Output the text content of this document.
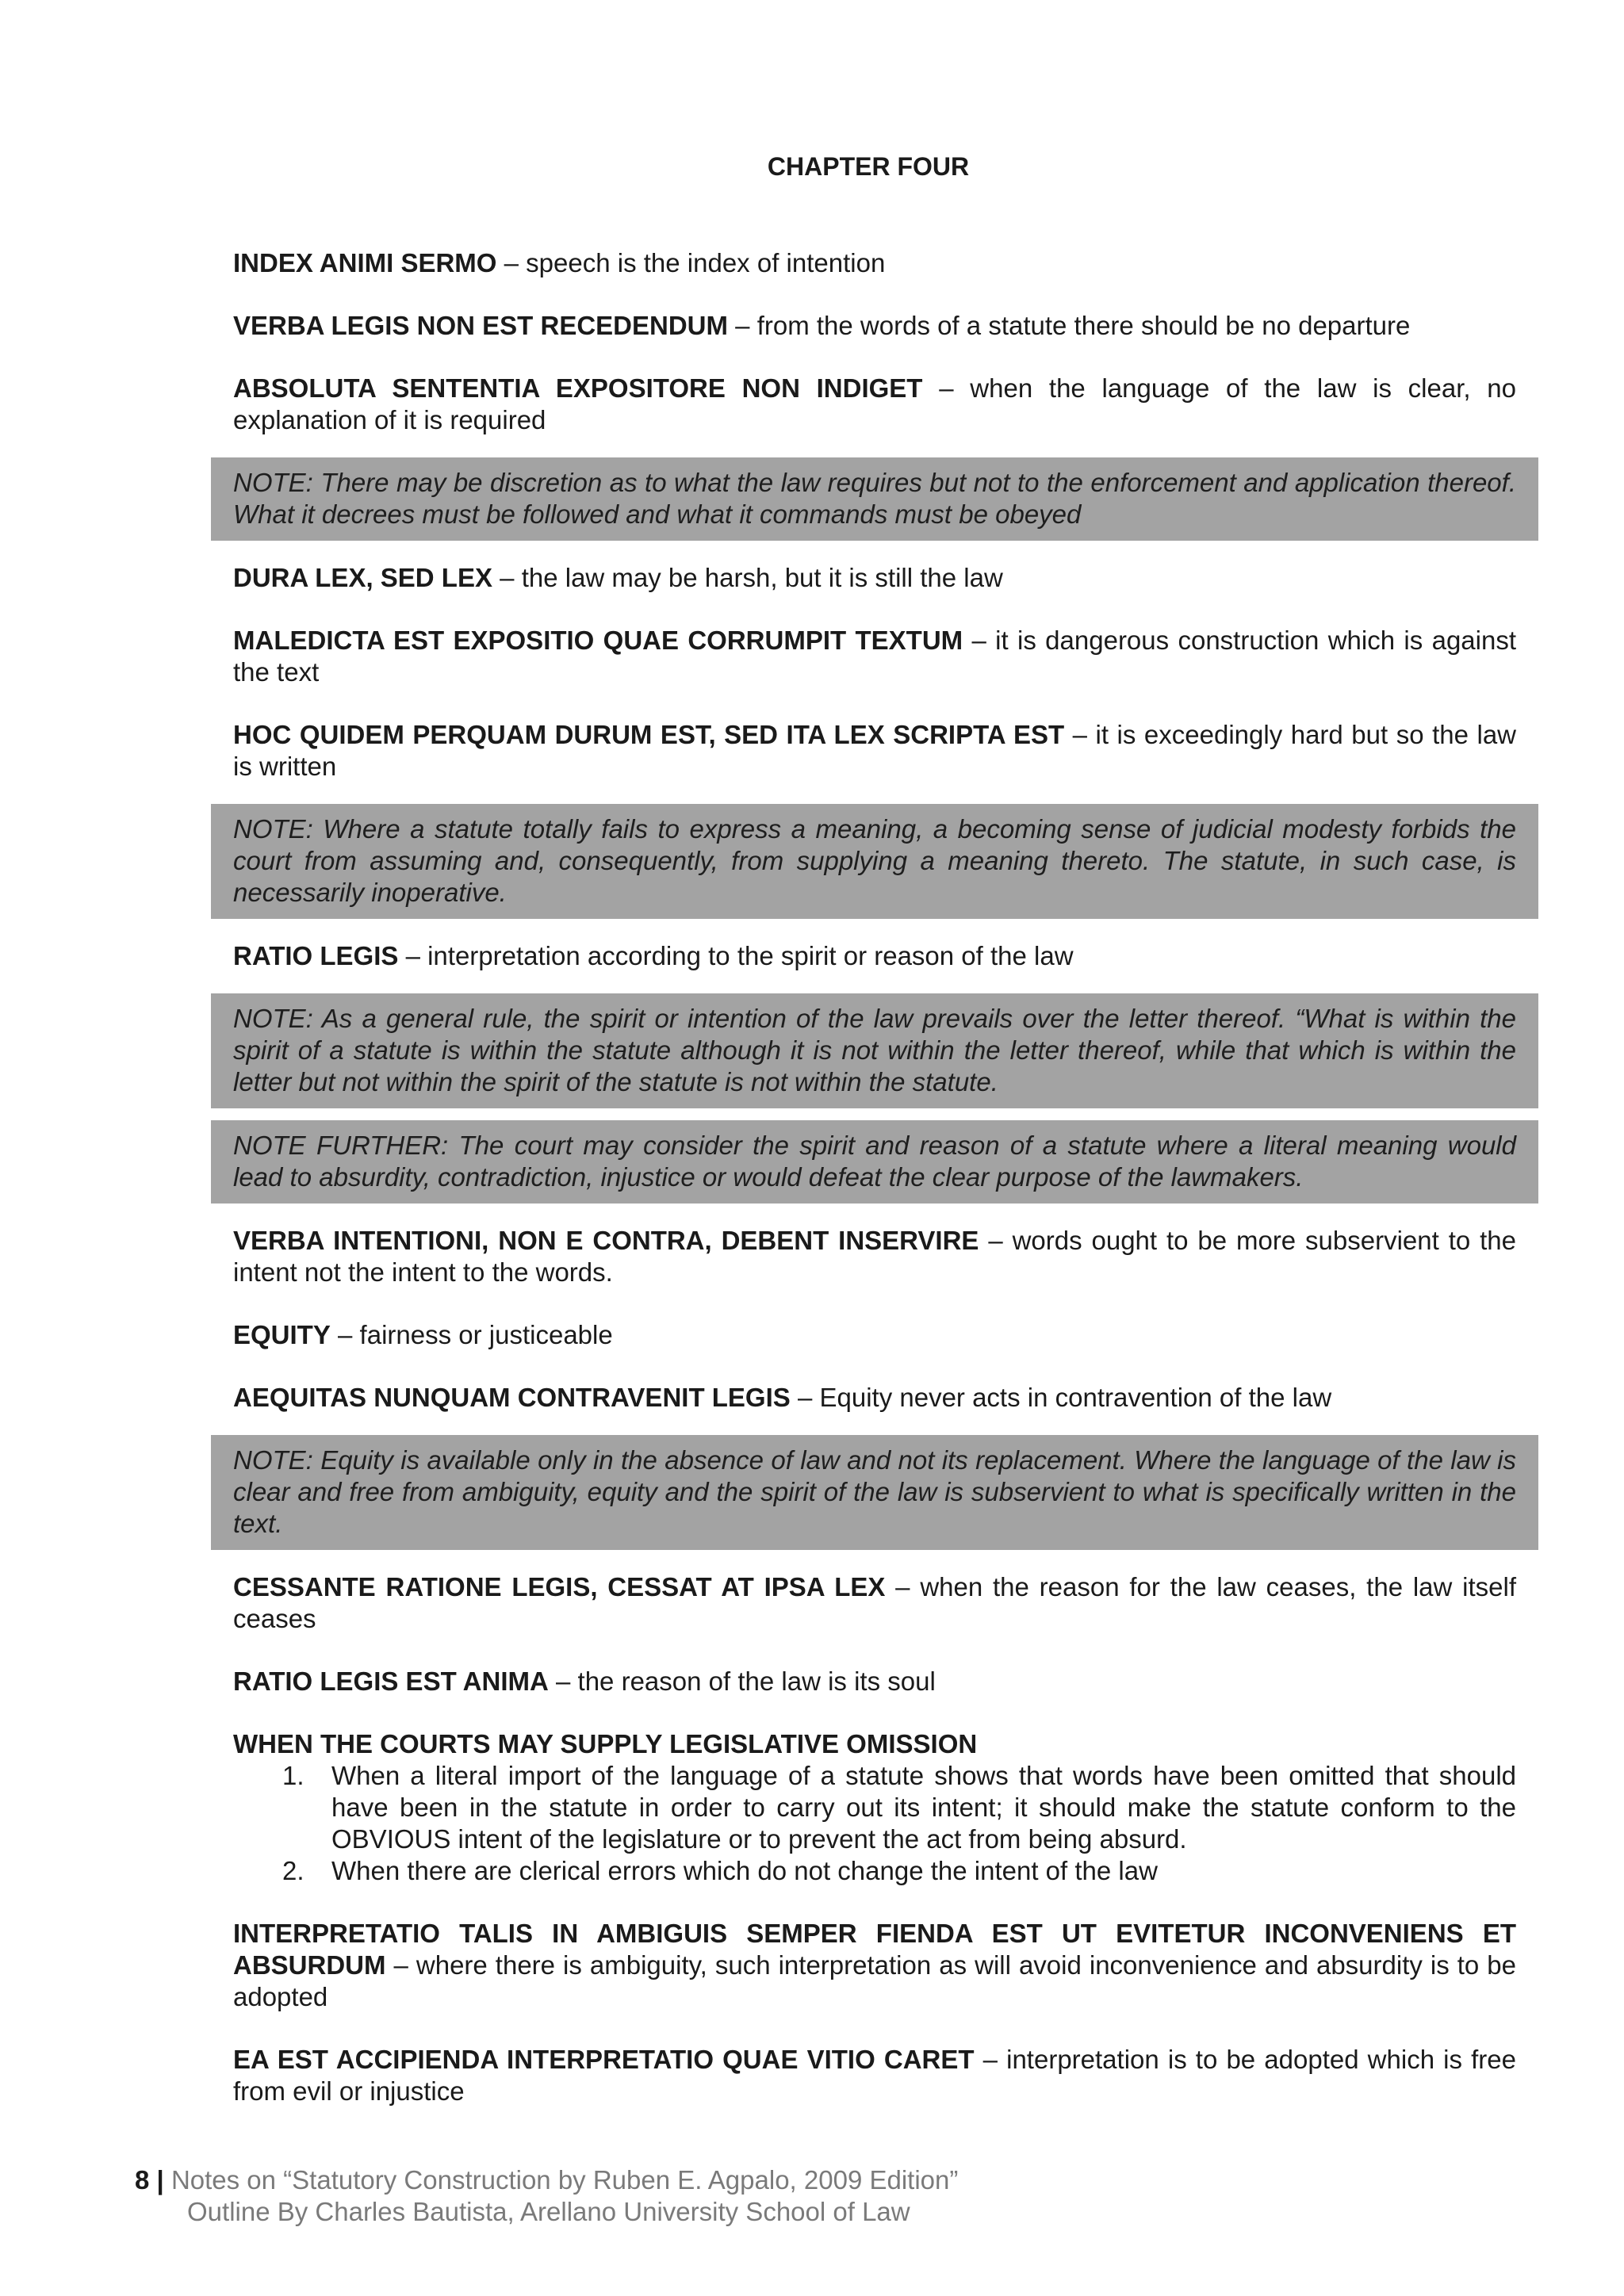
CHAPTER FOUR

INDEX ANIMI SERMO – speech is the index of intention

VERBA LEGIS NON EST RECEDENDUM – from the words of a statute there should be no departure

ABSOLUTA SENTENTIA EXPOSITORE NON INDIGET – when the language of the law is clear, no explanation of it is required

NOTE: There may be discretion as to what the law requires but not to the enforcement and application thereof. What it decrees must be followed and what it commands must be obeyed

DURA LEX, SED LEX – the law may be harsh, but it is still the law

MALEDICTA EST EXPOSITIO QUAE CORRUMPIT TEXTUM – it is dangerous construction which is against the text

HOC QUIDEM PERQUAM DURUM EST, SED ITA LEX SCRIPTA EST – it is exceedingly hard but so the law is written

NOTE: Where a statute totally fails to express a meaning, a becoming sense of judicial modesty forbids the court from assuming and, consequently, from supplying a meaning thereto. The statute, in such case, is necessarily inoperative.

RATIO LEGIS – interpretation according to the spirit or reason of the law

NOTE: As a general rule, the spirit or intention of the law prevails over the letter thereof. “What is within the spirit of a statute is within the statute although it is not within the letter thereof, while that which is within the letter but not within the spirit of the statute is not within the statute.
NOTE FURTHER: The court may consider the spirit and reason of a statute where a literal meaning would lead to absurdity, contradiction, injustice or would defeat the clear purpose of the lawmakers.

VERBA INTENTIONI, NON E CONTRA, DEBENT INSERVIRE – words ought to be more subservient to the intent not the intent to the words.

EQUITY – fairness or justiceable

AEQUITAS NUNQUAM CONTRAVENIT LEGIS – Equity never acts in contravention of the law

NOTE: Equity is available only in the absence of law and not its replacement. Where the language of the law is clear and free from ambiguity, equity and the spirit of the law is subservient to what is specifically written in the text.

CESSANTE RATIONE LEGIS, CESSAT AT IPSA LEX – when the reason for the law ceases, the law itself ceases

RATIO LEGIS EST ANIMA – the reason of the law is its soul

WHEN THE COURTS MAY SUPPLY LEGISLATIVE OMISSION

1. When a literal import of the language of a statute shows that words have been omitted that should have been in the statute in order to carry out its intent; it should make the statute conform to the OBVIOUS intent of the legislature or to prevent the act from being absurd.
2. When there are clerical errors which do not change the intent of the law

INTERPRETATIO TALIS IN AMBIGUIS SEMPER FIENDA EST UT EVITETUR INCONVENIENS ET ABSURDUM – where there is ambiguity, such interpretation as will avoid inconvenience and absurdity is to be adopted

EA EST ACCIPIENDA INTERPRETATIO QUAE VITIO CARET – interpretation is to be adopted which is free from evil or injustice

8 | Notes on “Statutory Construction by Ruben E. Agpalo, 2009 Edition”
Outline By Charles Bautista, Arellano University School of Law
